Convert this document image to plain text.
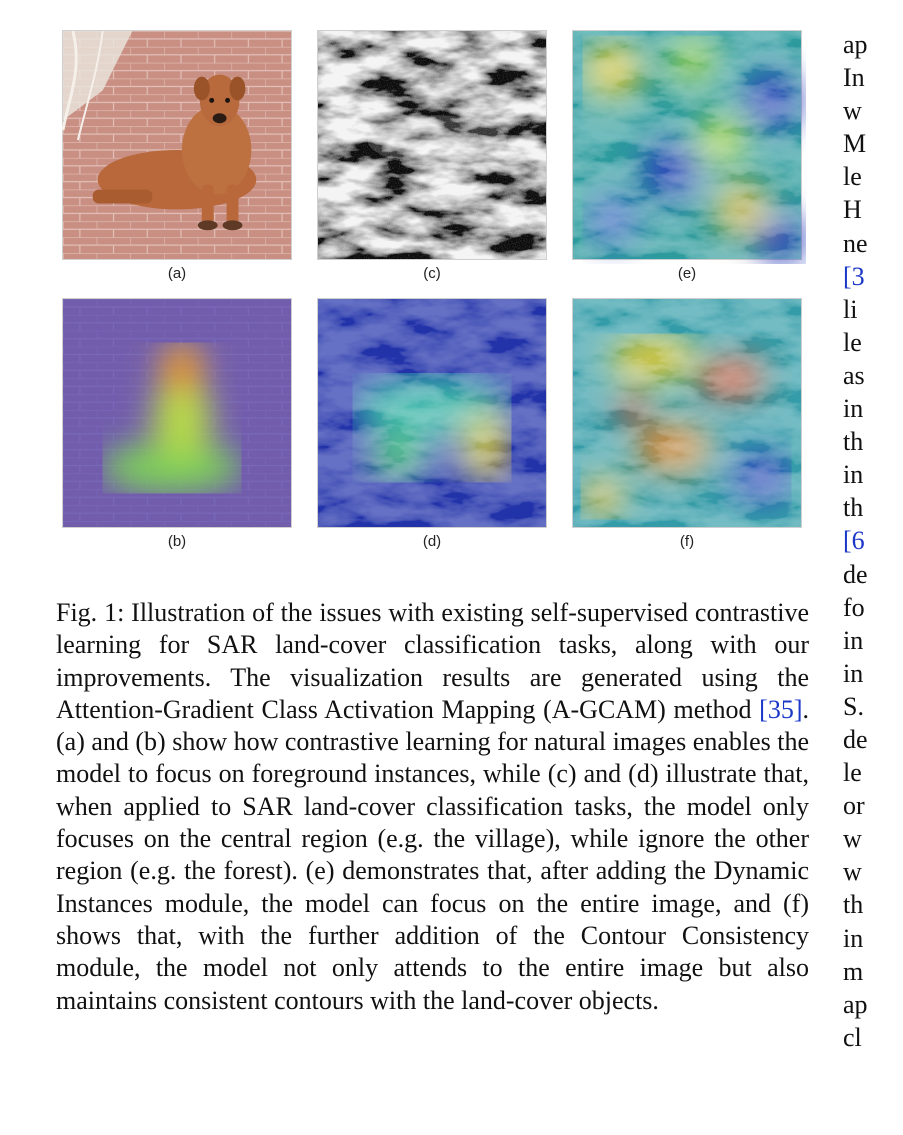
(a)	(c)	(e)
(b)	(d)	(f)
Fig. 1: Illustration of the issues with existing self-supervised contrastive learning for SAR land-cover classification tasks, along with our improvements. The visualization results are generated using the Attention-Gradient Class Activation Mapping (A-GCAM) method [35]. (a) and (b) show how contrastive learning for natural images enables the model to focus on foreground instances, while (c) and (d) illustrate that, when applied to SAR land-cover classification tasks, the model only focuses on the central region (e.g. the village), while ignore the other region (e.g. the forest). (e) demonstrates that, after adding the Dynamic Instances module, the model can focus on the entire image, and (f) shows that, with the further addition of the Contour Consistency module, the model not only attends to the entire image but also maintains consistent contours with the land-cover objects.
ap
In
w
M
le
H
ne
[3
li
le
as
in
th
in
th
[6
de
fo
in
in
S.
de
le
or
w
w
th
in
m
ap
cl
